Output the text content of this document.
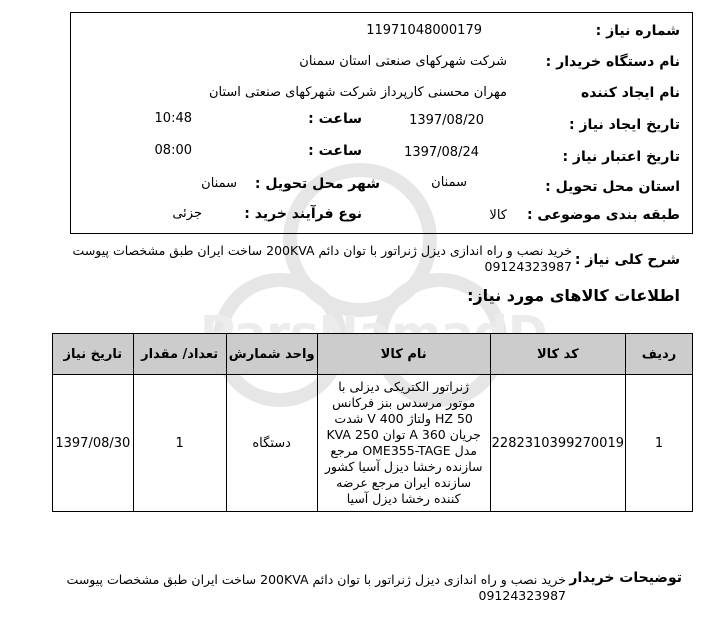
شماره نیاز :
11971048000179
نام دستگاه خریدار :
شرکت شهرکهای صنعتی استان سمنان
نام ایجاد کننده
مهران محسنی کارپرداز شرکت شهرکهای صنعتی استان
تاریخ ایجاد نیاز :
1397/08/20
ساعت :
10:48
تاریخ اعتبار نیاز :
1397/08/24
ساعت :
08:00
استان محل تحویل :
سمنان
شهر محل تحویل :
سمنان
طبقه بندی موضوعی :
کالا
نوع فرآیند خرید :
جزئی
شرح کلی نیاز :
خرید نصب و راه اندازی دیزل ژنراتور با توان دائم 200KVA ساخت ایران طبق مشخصات پیوست 09124323987
اطلاعات کالاهای مورد نیاز:
ردیف	کد کالا	نام کالا	واحد شمارش	تعداد/ مقدار	تاریخ نیاز
1	2282310399270019	ژنراتور الکتریکی دیزلی با موتور مرسدس بنز فرکانس 50 HZ ولتاژ 400 V شدت جریان 360 A توان 250 KVA مدل OME355-TAGE مرجع سازنده رخشا دیزل آسیا کشور سازنده ایران مرجع عرضه کننده رخشا دیزل آسیا	دستگاه	1	1397/08/30
توضیحات خریدار
خرید نصب و راه اندازی دیزل ژنراتور با توان دائم 200KVA ساخت ایران طبق مشخصات پیوست 09124323987
